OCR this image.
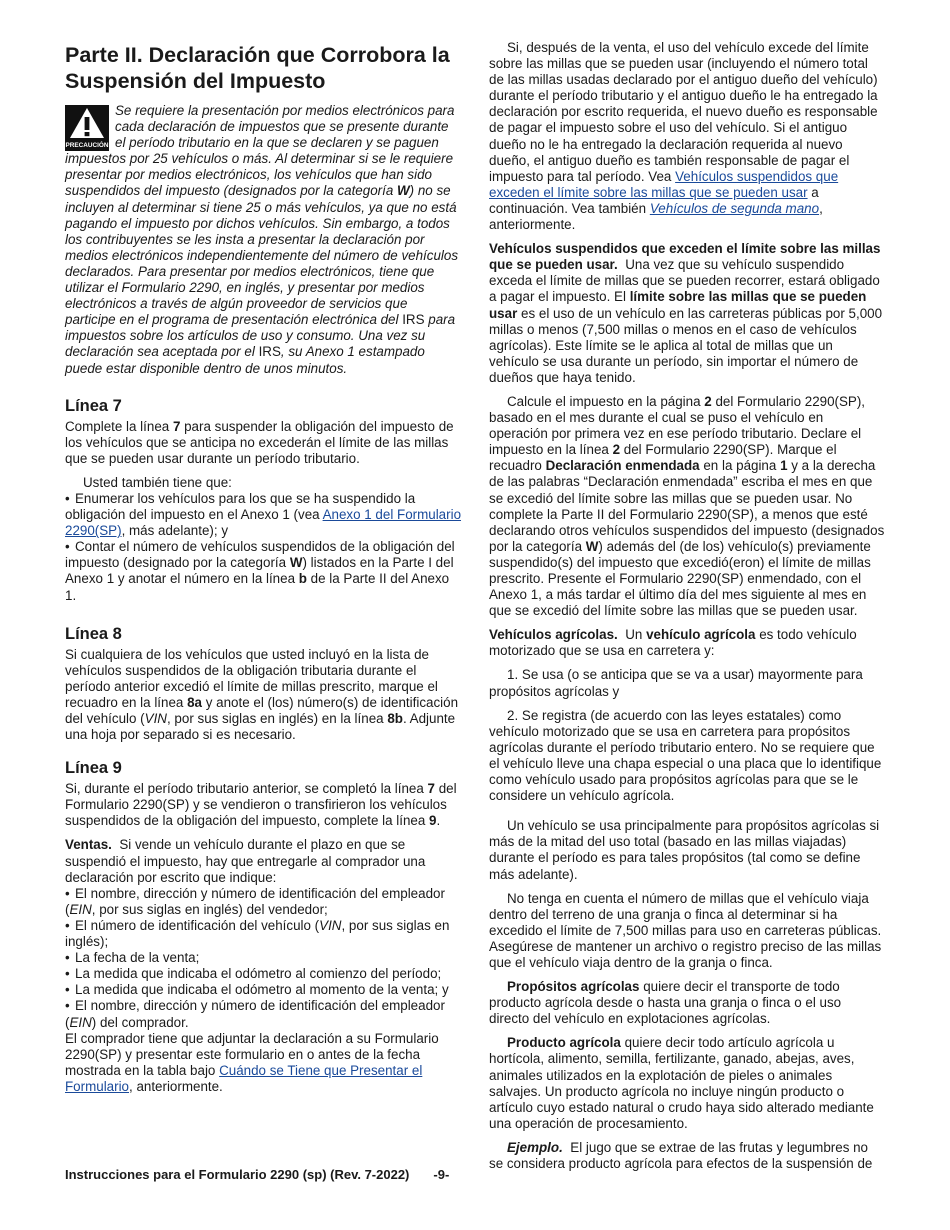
Parte II. Declaración que Corrobora la Suspensión del Impuesto
PRECAUCIÓN
Se requiere la presentación por medios electrónicos para cada declaración de impuestos que se presente durante el período tributario en la que se declaren y se paguen impuestos por 25 vehículos o más. Al determinar si se le requiere presentar por medios electrónicos, los vehículos que han sido suspendidos del impuesto (designados por la categoría W) no se incluyen al determinar si tiene 25 o más vehículos, ya que no está pagando el impuesto por dichos vehículos. Sin embargo, a todos los contribuyentes se les insta a presentar la declaración por medios electrónicos independientemente del número de vehículos declarados. Para presentar por medios electrónicos, tiene que utilizar el Formulario 2290, en inglés, y presentar por medios electrónicos a través de algún proveedor de servicios que participe en el programa de presentación electrónica del IRS para impuestos sobre los artículos de uso y consumo. Una vez su declaración sea aceptada por el IRS, su Anexo 1 estampado puede estar disponible dentro de unos minutos.
Línea 7

Complete la línea 7 para suspender la obligación del impuesto de los vehículos que se anticipa no excederán el límite de las millas que se pueden usar durante un período tributario.

Usted también tiene que:

• Enumerar los vehículos para los que se ha suspendido la obligación del impuesto en el Anexo 1 (vea Anexo 1 del Formulario 2290(SP), más adelante); y
• Contar el número de vehículos suspendidos de la obligación del impuesto (designado por la categoría W) listados en la Parte I del Anexo 1 y anotar el número en la línea b de la Parte II del Anexo 1.
Línea 8

Si cualquiera de los vehículos que usted incluyó en la lista de vehículos suspendidos de la obligación tributaria durante el período anterior excedió el límite de millas prescrito, marque el recuadro en la línea 8a y anote el (los) número(s) de identificación del vehículo (VIN, por sus siglas en inglés) en la línea 8b. Adjunte una hoja por separado si es necesario.

Línea 9

Si, durante el período tributario anterior, se completó la línea 7 del Formulario 2290(SP) y se vendieron o transfirieron los vehículos suspendidos de la obligación del impuesto, complete la línea 9.

Ventas. Si vende un vehículo durante el plazo en que se suspendió el impuesto, hay que entregarle al comprador una declaración por escrito que indique:

• El nombre, dirección y número de identificación del empleador (EIN, por sus siglas en inglés) del vendedor;
• El número de identificación del vehículo (VIN, por sus siglas en inglés);
• La fecha de la venta;
• La medida que indicaba el odómetro al comienzo del período;
• La medida que indicaba el odómetro al momento de la venta; y
• El nombre, dirección y número de identificación del empleador (EIN) del comprador.

El comprador tiene que adjuntar la declaración a su Formulario 2290(SP) y presentar este formulario en o antes de la fecha mostrada en la tabla bajo Cuándo se Tiene que Presentar el Formulario, anteriormente.

Si, después de la venta, el uso del vehículo excede del límite sobre las millas que se pueden usar (incluyendo el número total de las millas usadas declarado por el antiguo dueño del vehículo) durante el período tributario y el antiguo dueño le ha entregado la declaración por escrito requerida, el nuevo dueño es responsable de pagar el impuesto sobre el uso del vehículo. Si el antiguo dueño no le ha entregado la declaración requerida al nuevo dueño, el antiguo dueño es también responsable de pagar el impuesto para tal período. Vea Vehículos suspendidos que exceden el límite sobre las millas que se pueden usar a continuación. Vea también Vehículos de segunda mano, anteriormente.

Vehículos suspendidos que exceden el límite sobre las millas que se pueden usar. Una vez que su vehículo suspendido exceda el límite de millas que se pueden recorrer, estará obligado a pagar el impuesto. El límite sobre las millas que se pueden usar es el uso de un vehículo en las carreteras públicas por 5,000 millas o menos (7,500 millas o menos en el caso de vehículos agrícolas). Este límite se le aplica al total de millas que un vehículo se usa durante un período, sin importar el número de dueños que haya tenido.

Calcule el impuesto en la página 2 del Formulario 2290(SP), basado en el mes durante el cual se puso el vehículo en operación por primera vez en ese período tributario. Declare el impuesto en la línea 2 del Formulario 2290(SP). Marque el recuadro Declaración enmendada en la página 1 y a la derecha de las palabras “Declaración enmendada” escriba el mes en que se excedió del límite sobre las millas que se pueden usar. No complete la Parte II del Formulario 2290(SP), a menos que esté declarando otros vehículos suspendidos del impuesto (designados por la categoría W) además del (de los) vehículo(s) previamente suspendido(s) del impuesto que excedió(eron) el límite de millas prescrito. Presente el Formulario 2290(SP) enmendado, con el Anexo 1, a más tardar el último día del mes siguiente al mes en que se excedió del límite sobre las millas que se pueden usar.

Vehículos agrícolas. Un vehículo agrícola es todo vehículo motorizado que se usa en carretera y:

1. Se usa (o se anticipa que se va a usar) mayormente para propósitos agrícolas y

2. Se registra (de acuerdo con las leyes estatales) como vehículo motorizado que se usa en carretera para propósitos agrícolas durante el período tributario entero. No se requiere que el vehículo lleve una chapa especial o una placa que lo identifique como vehículo usado para propósitos agrícolas para que se le considere un vehículo agrícola.

Un vehículo se usa principalmente para propósitos agrícolas si más de la mitad del uso total (basado en las millas viajadas) durante el período es para tales propósitos (tal como se define más adelante).

No tenga en cuenta el número de millas que el vehículo viaja dentro del terreno de una granja o finca al determinar si ha excedido el límite de 7,500 millas para uso en carreteras públicas. Asegúrese de mantener un archivo o registro preciso de las millas que el vehículo viaja dentro de la granja o finca.

Propósitos agrícolas quiere decir el transporte de todo producto agrícola desde o hasta una granja o finca o el uso directo del vehículo en explotaciones agrícolas.

Producto agrícola quiere decir todo artículo agrícola u hortícola, alimento, semilla, fertilizante, ganado, abejas, aves, animales utilizados en la explotación de pieles o animales salvajes. Un producto agrícola no incluye ningún producto o artículo cuyo estado natural o crudo haya sido alterado mediante una operación de procesamiento.

Ejemplo. El jugo que se extrae de las frutas y legumbres no se considera producto agrícola para efectos de la suspensión de

Instrucciones para el Formulario 2290 (sp) (Rev. 7-2022) -9-
